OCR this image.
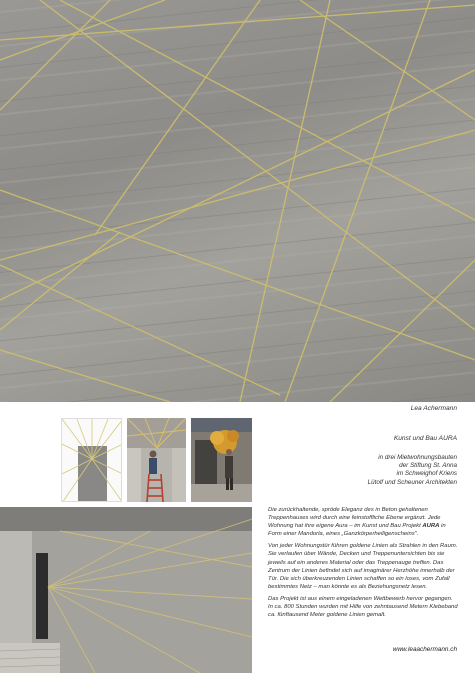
Lea Achermann
Kunst und Bau AURA
in drei Mietwohnungsbauten
der Stiftung St. Anna
im Schweighof Kriens
Lütolf und Scheuner Architekten

Die zurückhaltende, spröde Eleganz des in Beton gehaltenen Treppenhauses wird durch eine feinstoffliche Ebene ergänzt. Jede Wohnung hat ihre eigene Aura – im Kunst und Bau Projekt AURA in Form einer Mandorla, eines „Ganzkörperheiligenscheins".

Von jeder Wohnungstür führen goldene Linien als Strahlen in den Raum. Sie verlaufen über Wände, Decken und Treppenuntersichten bis sie jeweils auf ein anderes Material oder das Treppenauge treffen. Das Zentrum der Linien befindet sich auf imaginärer Herzhöhe innerhalb der Tür. Die sich überkreuzenden Linien schaffen so ein loses, vom Zufall bestimmtes Netz – man könnte es als Beziehungsnetz lesen.

Das Projekt ist aus einem eingeladenen Wettbewerb hervor gegangen. In ca. 800 Stunden wurden mit Hilfe von zehntausend Metern Klebeband ca. fünftausend Meter goldene Linien gemalt.

www.leaachermann.ch
